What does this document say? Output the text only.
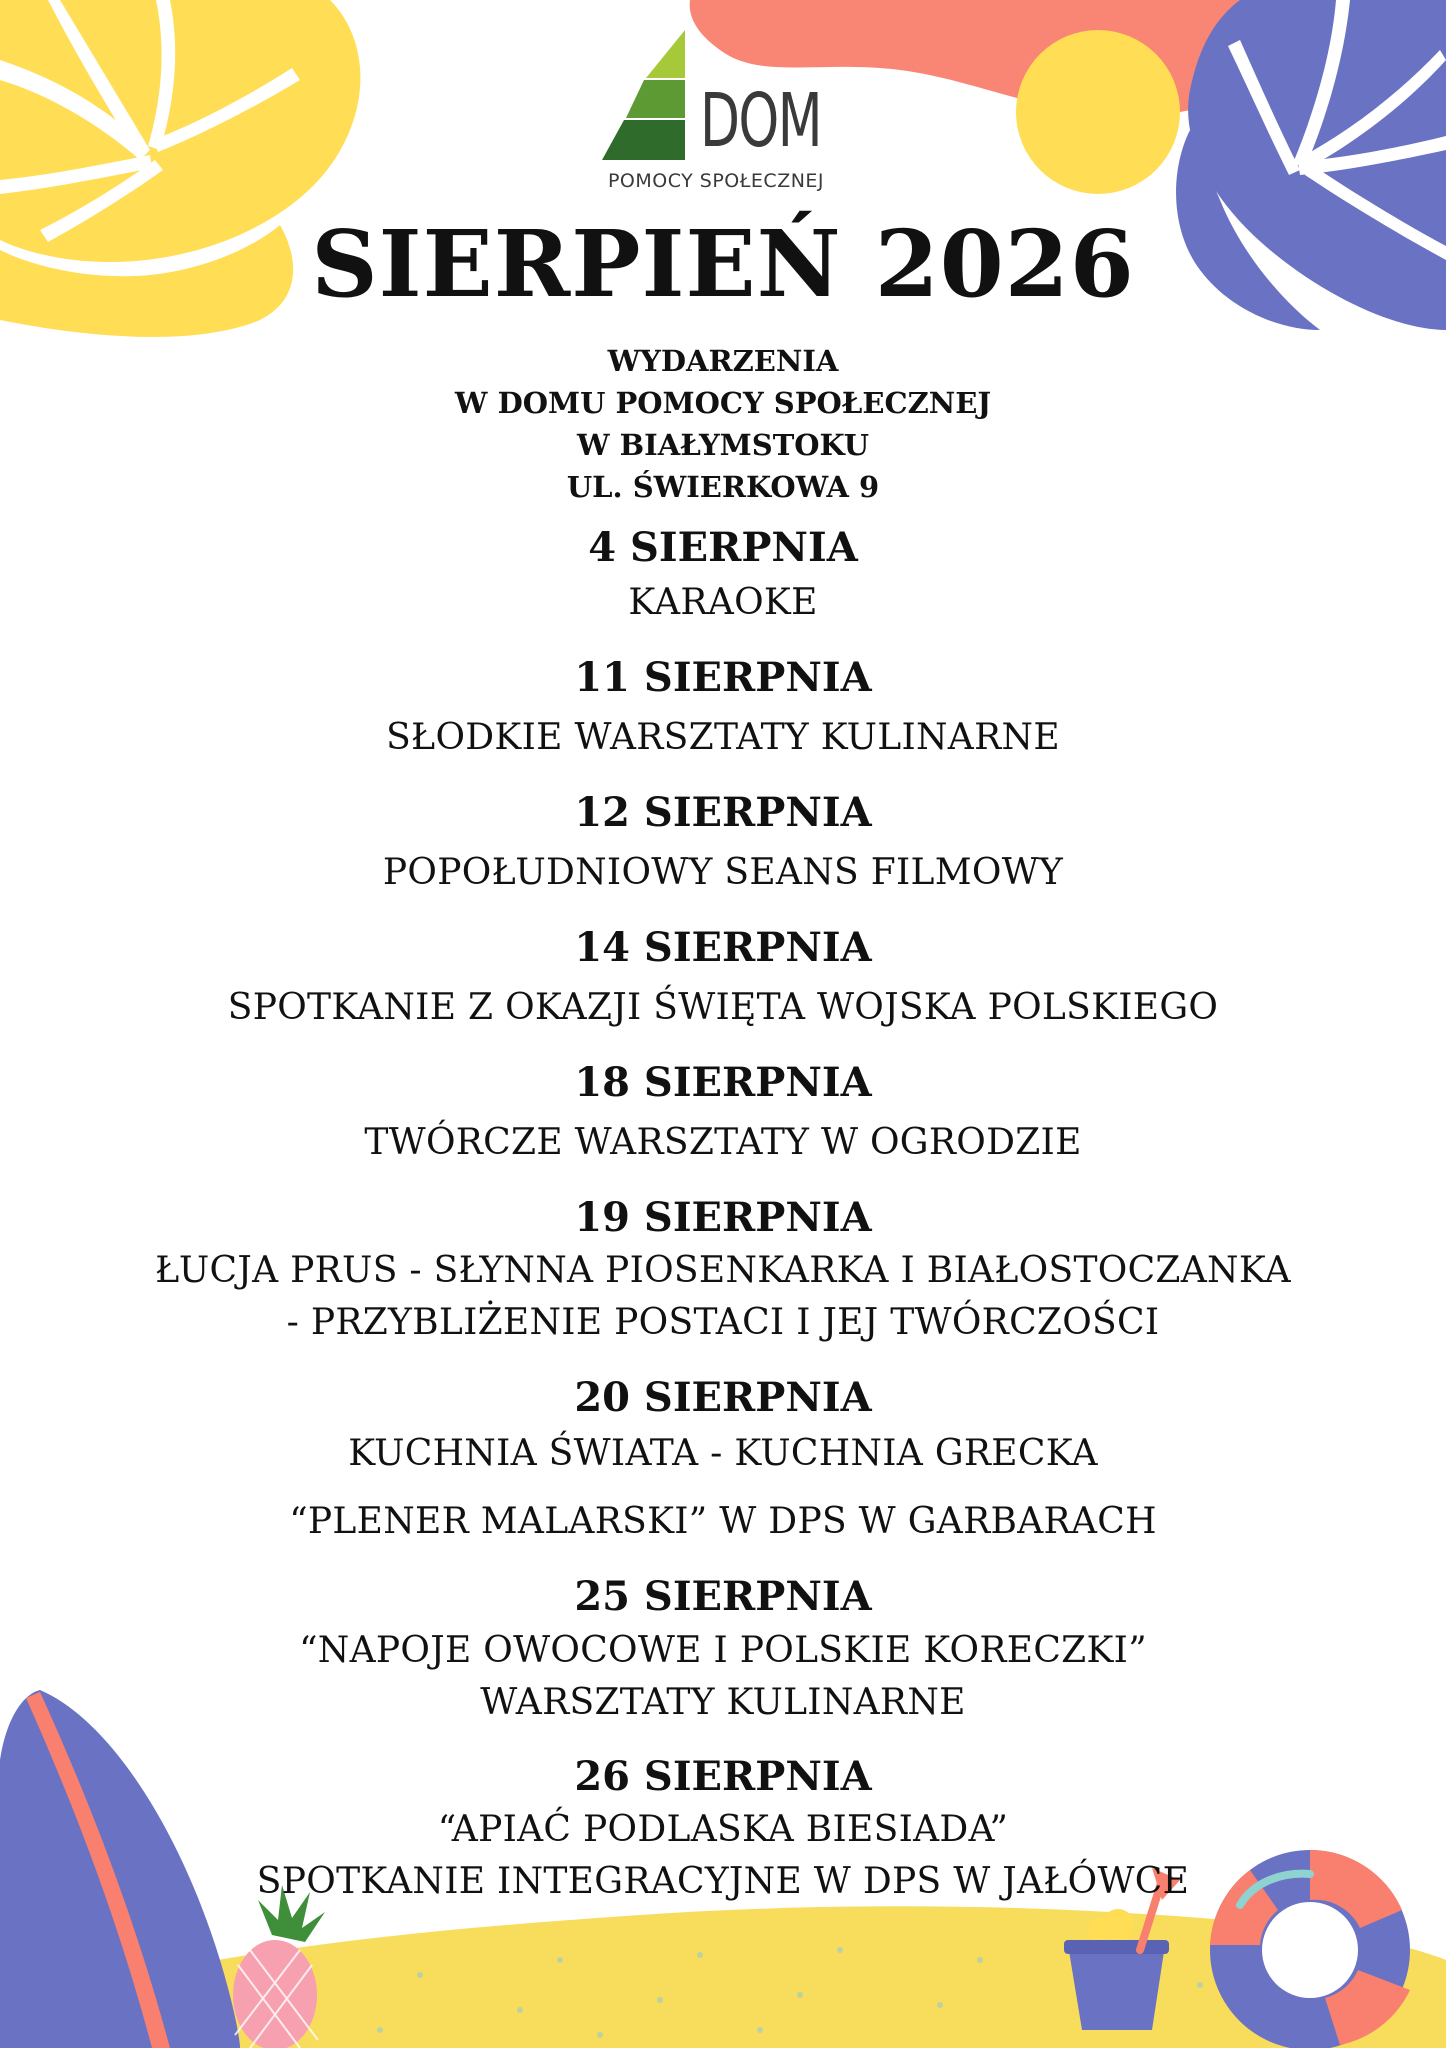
DOM
POMOCY SPOŁECZNEJ
SIERPIEŃ 2026
WYDARZENIA
W DOMU POMOCY SPOŁECZNEJ
W BIAŁYMSTOKU
UL. ŚWIERKOWA 9
4 SIERPNIA
KARAOKE
11 SIERPNIA
SŁODKIE WARSZTATY KULINARNE
12 SIERPNIA
POPOŁUDNIOWY SEANS FILMOWY
14 SIERPNIA
SPOTKANIE Z OKAZJI ŚWIĘTA WOJSKA POLSKIEGO
18 SIERPNIA
TWÓRCZE WARSZTATY W OGRODZIE
19 SIERPNIA
ŁUCJA PRUS - SŁYNNA PIOSENKARKA I BIAŁOSTOCZANKA
- PRZYBLIŻENIE POSTACI I JEJ TWÓRCZOŚCI
20 SIERPNIA
KUCHNIA ŚWIATA - KUCHNIA GRECKA
“PLENER MALARSKI” W DPS W GARBARACH
25 SIERPNIA
“NAPOJE OWOCOWE I POLSKIE KORECZKI”
WARSZTATY KULINARNE
26 SIERPNIA
“APIAĆ PODLASKA BIESIADA”
SPOTKANIE INTEGRACYJNE W DPS W JAŁÓWCE
